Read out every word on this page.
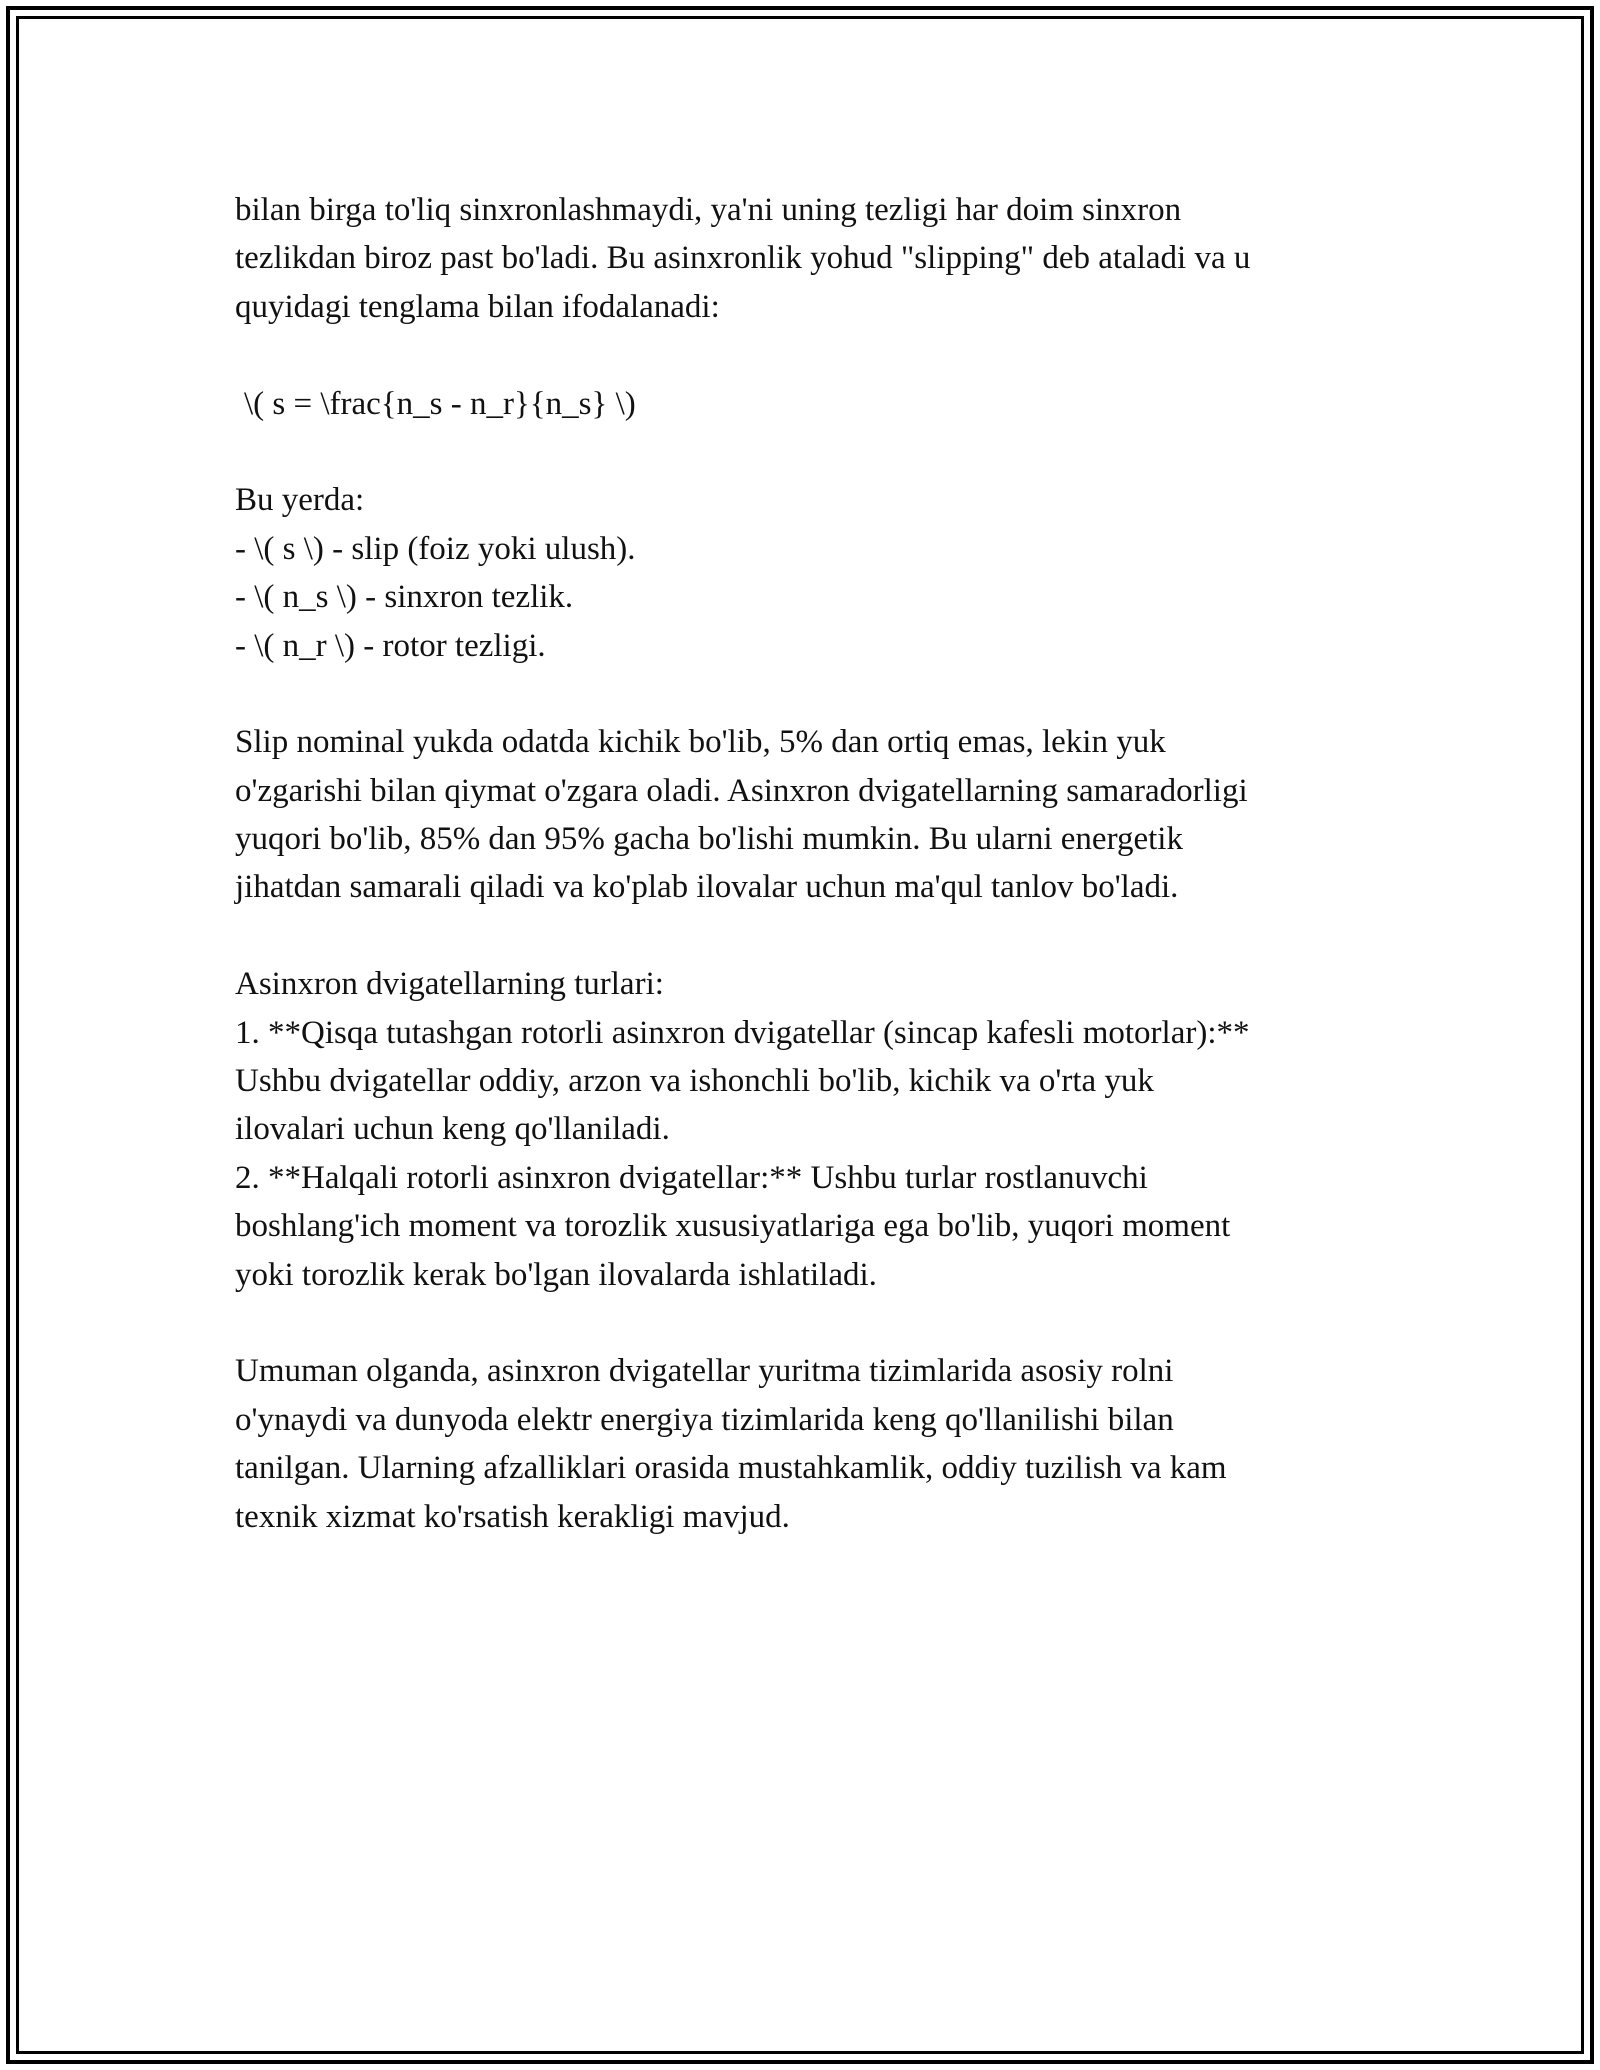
bilan birga to'liq sinxronlashmaydi, ya'ni uning tezligi har doim sinxron
tezlikdan biroz past bo'ladi. Bu asinxronlik yohud "slipping" deb ataladi va u
quyidagi tenglama bilan ifodalanadi:
\( s = \frac{n_s - n_r}{n_s} \)
Bu yerda:
- \( s \) - slip (foiz yoki ulush).
- \( n_s \) - sinxron tezlik.
- \( n_r \) - rotor tezligi.
Slip nominal yukda odatda kichik bo'lib, 5% dan ortiq emas, lekin yuk
o'zgarishi bilan qiymat o'zgara oladi. Asinxron dvigatellarning samaradorligi
yuqori bo'lib, 85% dan 95% gacha bo'lishi mumkin. Bu ularni energetik
jihatdan samarali qiladi va ko'plab ilovalar uchun ma'qul tanlov bo'ladi.
Asinxron dvigatellarning turlari:
1. **Qisqa tutashgan rotorli asinxron dvigatellar (sincap kafesli motorlar):**
Ushbu dvigatellar oddiy, arzon va ishonchli bo'lib, kichik va o'rta yuk
ilovalari uchun keng qo'llaniladi.
2. **Halqali rotorli asinxron dvigatellar:** Ushbu turlar rostlanuvchi
boshlang'ich moment va torozlik xususiyatlariga ega bo'lib, yuqori moment
yoki torozlik kerak bo'lgan ilovalarda ishlatiladi.
Umuman olganda, asinxron dvigatellar yuritma tizimlarida asosiy rolni
o'ynaydi va dunyoda elektr energiya tizimlarida keng qo'llanilishi bilan
tanilgan. Ularning afzalliklari orasida mustahkamlik, oddiy tuzilish va kam
texnik xizmat ko'rsatish kerakligi mavjud.
